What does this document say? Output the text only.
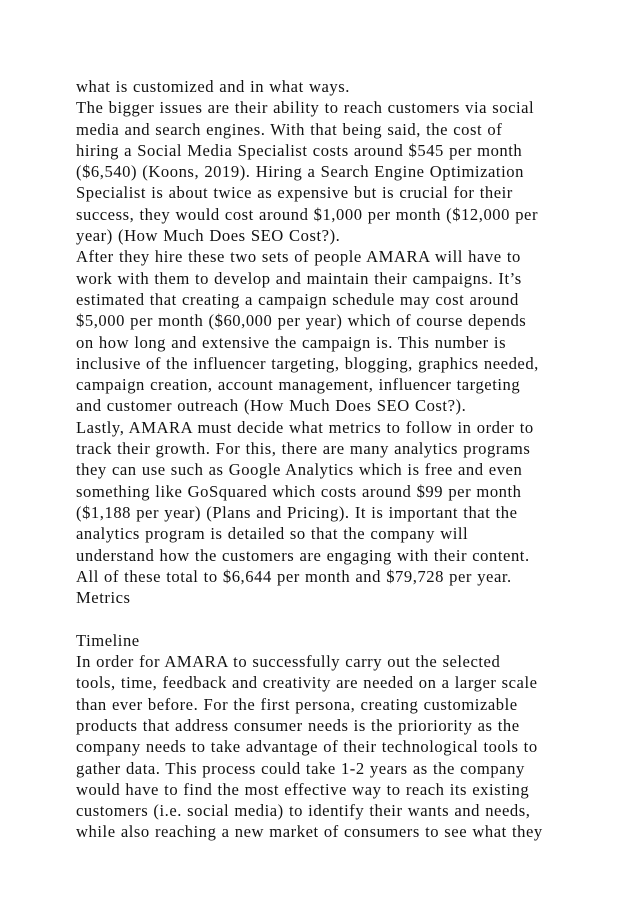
what is customized and in what ways.
The bigger issues are their ability to reach customers via social
media and search engines. With that being said, the cost of
hiring a Social Media Specialist costs around $545 per month
($6,540) (Koons, 2019). Hiring a Search Engine Optimization
Specialist is about twice as expensive but is crucial for their
success, they would cost around $1,000 per month ($12,000 per
year) (How Much Does SEO Cost?).
After they hire these two sets of people AMARA will have to
work with them to develop and maintain their campaigns. It’s
estimated that creating a campaign schedule may cost around
$5,000 per month ($60,000 per year) which of course depends
on how long and extensive the campaign is. This number is
inclusive of the influencer targeting, blogging, graphics needed,
campaign creation, account management, influencer targeting
and customer outreach (How Much Does SEO Cost?).
Lastly, AMARA must decide what metrics to follow in order to
track their growth. For this, there are many analytics programs
they can use such as Google Analytics which is free and even
something like GoSquared which costs around $99 per month
($1,188 per year) (Plans and Pricing). It is important that the
analytics program is detailed so that the company will
understand how the customers are engaging with their content.
All of these total to $6,644 per month and $79,728 per year.
Metrics
Timeline
In order for AMARA to successfully carry out the selected
tools, time, feedback and creativity are needed on a larger scale
than ever before. For the first persona, creating customizable
products that address consumer needs is the prioriority as the
company needs to take advantage of their technological tools to
gather data. This process could take 1-2 years as the company
would have to find the most effective way to reach its existing
customers (i.e. social media) to identify their wants and needs,
while also reaching a new market of consumers to see what they
